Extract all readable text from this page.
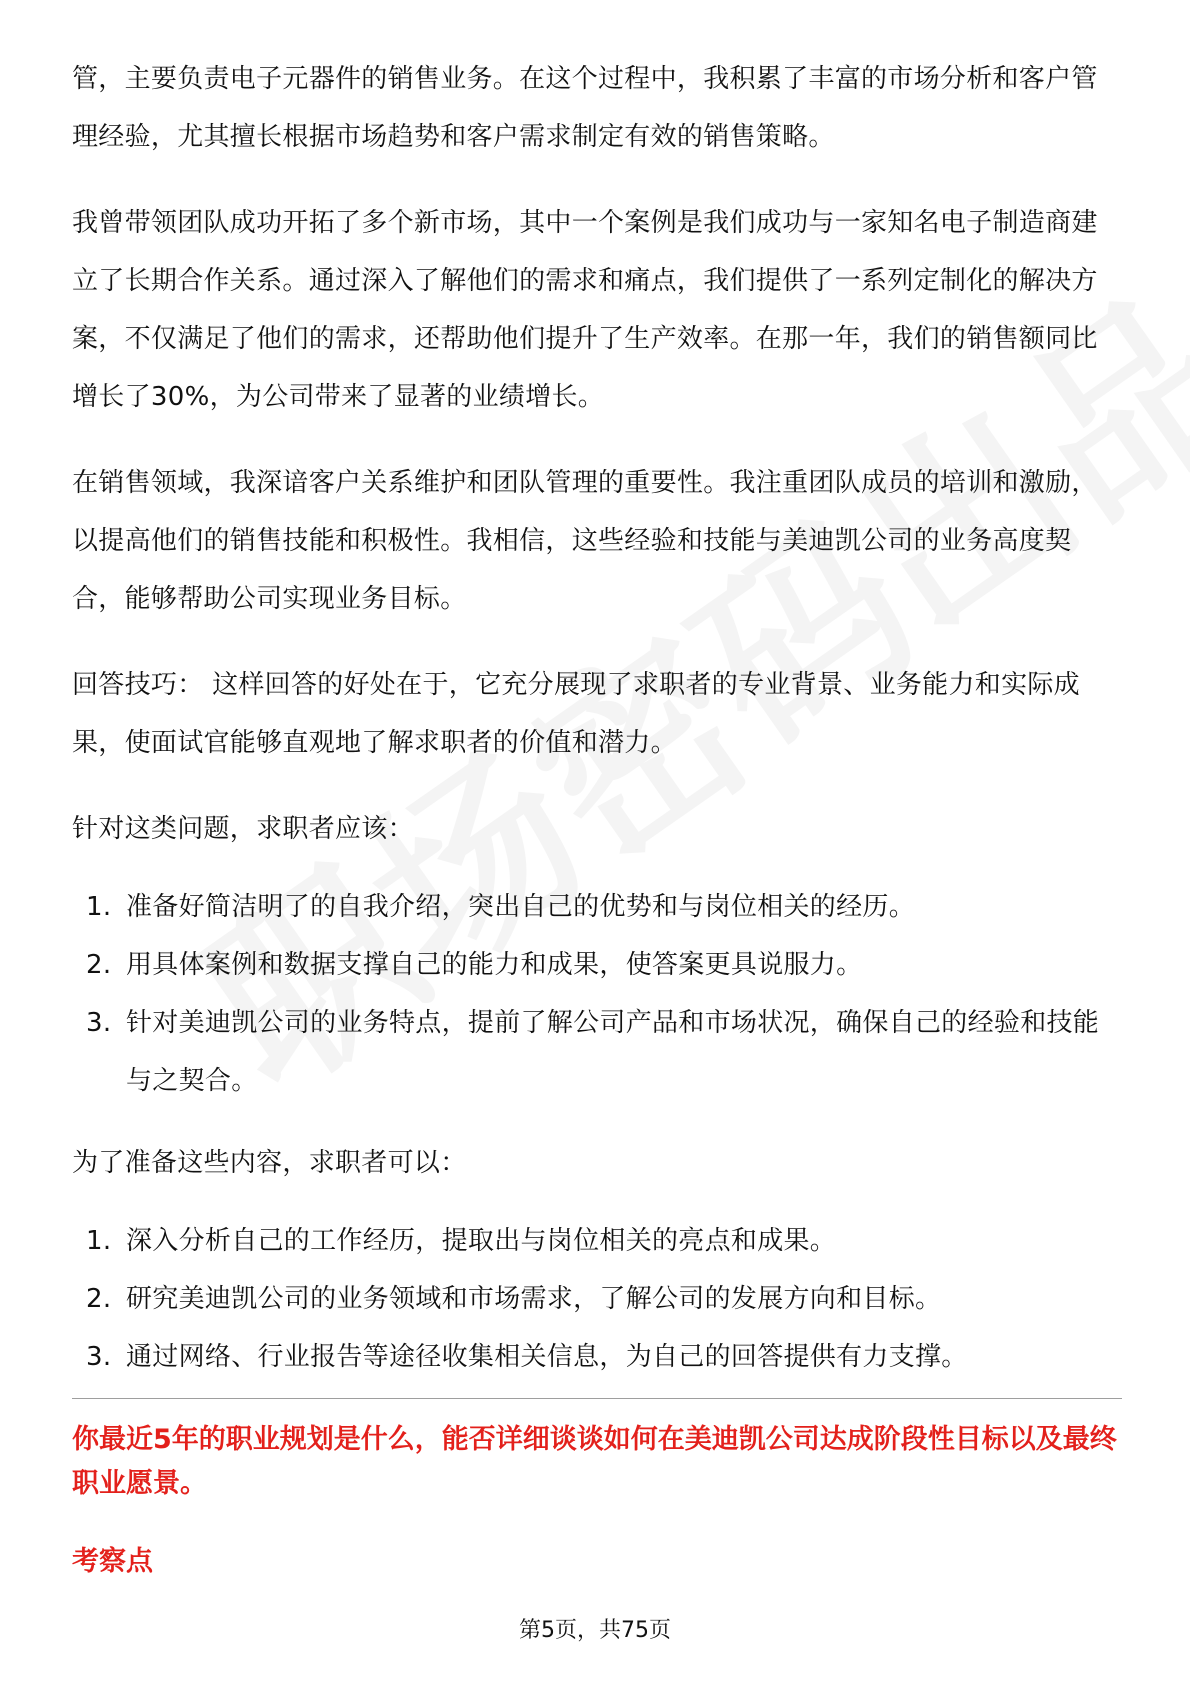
管，主要负责电子元器件的销售业务。在这个过程中，我积累了丰富的市场分析和客户管理经验，尤其擅长根据市场趋势和客户需求制定有效的销售策略。

我曾带领团队成功开拓了多个新市场，其中一个案例是我们成功与一家知名电子制造商建立了长期合作关系。通过深入了解他们的需求和痛点，我们提供了一系列定制化的解决方案，不仅满足了他们的需求，还帮助他们提升了生产效率。在那一年，我们的销售额同比增长了30%，为公司带来了显著的业绩增长。

在销售领域，我深谙客户关系维护和团队管理的重要性。我注重团队成员的培训和激励，以提高他们的销售技能和积极性。我相信，这些经验和技能与美迪凯公司的业务高度契合，能够帮助公司实现业务目标。

回答技巧： 这样回答的好处在于，它充分展现了求职者的专业背景、业务能力和实际成果，使面试官能够直观地了解求职者的价值和潜力。

针对这类问题，求职者应该：

1. 准备好简洁明了的自我介绍，突出自己的优势和与岗位相关的经历。
2. 用具体案例和数据支撑自己的能力和成果，使答案更具说服力。
3. 针对美迪凯公司的业务特点，提前了解公司产品和市场状况，确保自己的经验和技能与之契合。

为了准备这些内容，求职者可以：

1. 深入分析自己的工作经历，提取出与岗位相关的亮点和成果。
2. 研究美迪凯公司的业务领域和市场需求，了解公司的发展方向和目标。
3. 通过网络、行业报告等途径收集相关信息，为自己的回答提供有力支撑。
你最近5年的职业规划是什么，能否详细谈谈如何在美迪凯公司达成阶段性目标以及最终职业愿景。
考察点
第5页，共75页
